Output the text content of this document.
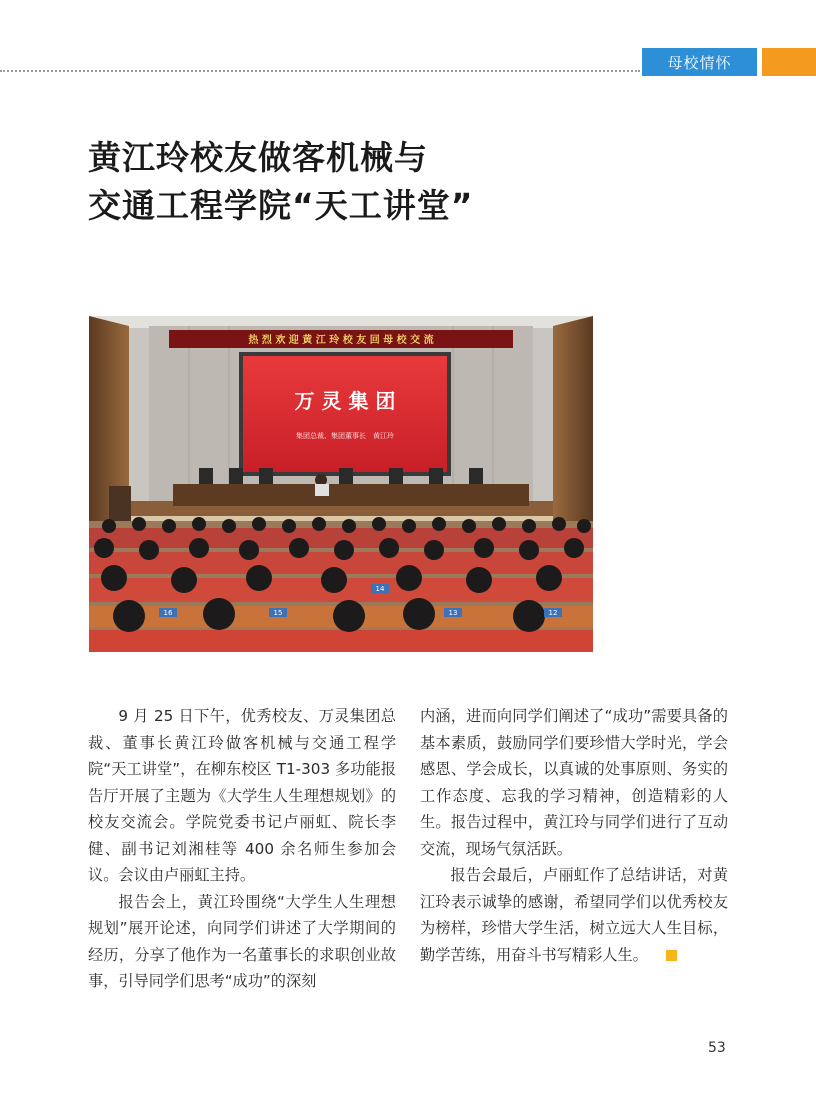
母校情怀
黄江玲校友做客机械与
交通工程学院“天工讲堂”
热 烈 欢 迎 黄 江 玲 校 友 回 母 校 交 流
万 灵 集 团
集团总裁、集团董事长　黄江玲
16	15
14
13	12

9 月 25 日下午，优秀校友、万灵集团总裁、董事长黄江玲做客机械与交通工程学院“天工讲堂”，在柳东校区 T1-303 多功能报告厅开展了主题为《大学生人生理想规划》的校友交流会。学院党委书记卢丽虹、院长李健、副书记刘湘桂等 400 余名师生参加会议。会议由卢丽虹主持。

报告会上，黄江玲围绕“大学生人生理想规划”展开论述，向同学们讲述了大学期间的经历，分享了他作为一名董事长的求职创业故事，引导同学们思考“成功”的深刻

内涵，进而向同学们阐述了“成功”需要具备的基本素质，鼓励同学们要珍惜大学时光，学会感恩、学会成长，以真诚的处事原则、务实的工作态度、忘我的学习精神，创造精彩的人生。报告过程中，黄江玲与同学们进行了互动交流，现场气氛活跃。

报告会最后，卢丽虹作了总结讲话，对黄江玲表示诚挚的感谢，希望同学们以优秀校友为榜样，珍惜大学生活，树立远大人生目标，勤学苦练，用奋斗书写精彩人生。

53
